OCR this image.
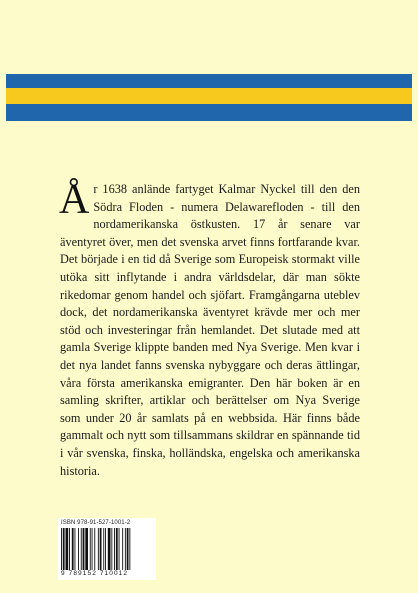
Å r 1638 anlände fartyget Kalmar Nyckel till den den Södra Floden - numera Delawarefloden - till den nordamerikanska östkusten. 17 år senare var äventyret över, men det svenska arvet finns fortfarande kvar. Det började i en tid då Sverige som Europeisk stormakt ville utöka sitt inflytande i andra världsdelar, där man sökte rikedomar genom handel och sjöfart. Framgångarna uteblev dock, det nordamerikanska äventyret krävde mer och mer stöd och investeringar från hemlandet. Det slutade med att gamla Sverige klippte banden med Nya Sverige. Men kvar i det nya landet fanns svenska nybyggare och deras ättlingar, våra första amerikanska emigranter. Den här boken är en samling skrifter, artiklar och berättelser om Nya Sverige som under 20 år samlats på en webbsida. Här finns både gammalt och nytt som tillsammans skildrar en spännande tid i vår svenska, finska, holländska, engelska och amerikanska historia.
ISBN 978-91-527-1001-2
9 789152 710012
